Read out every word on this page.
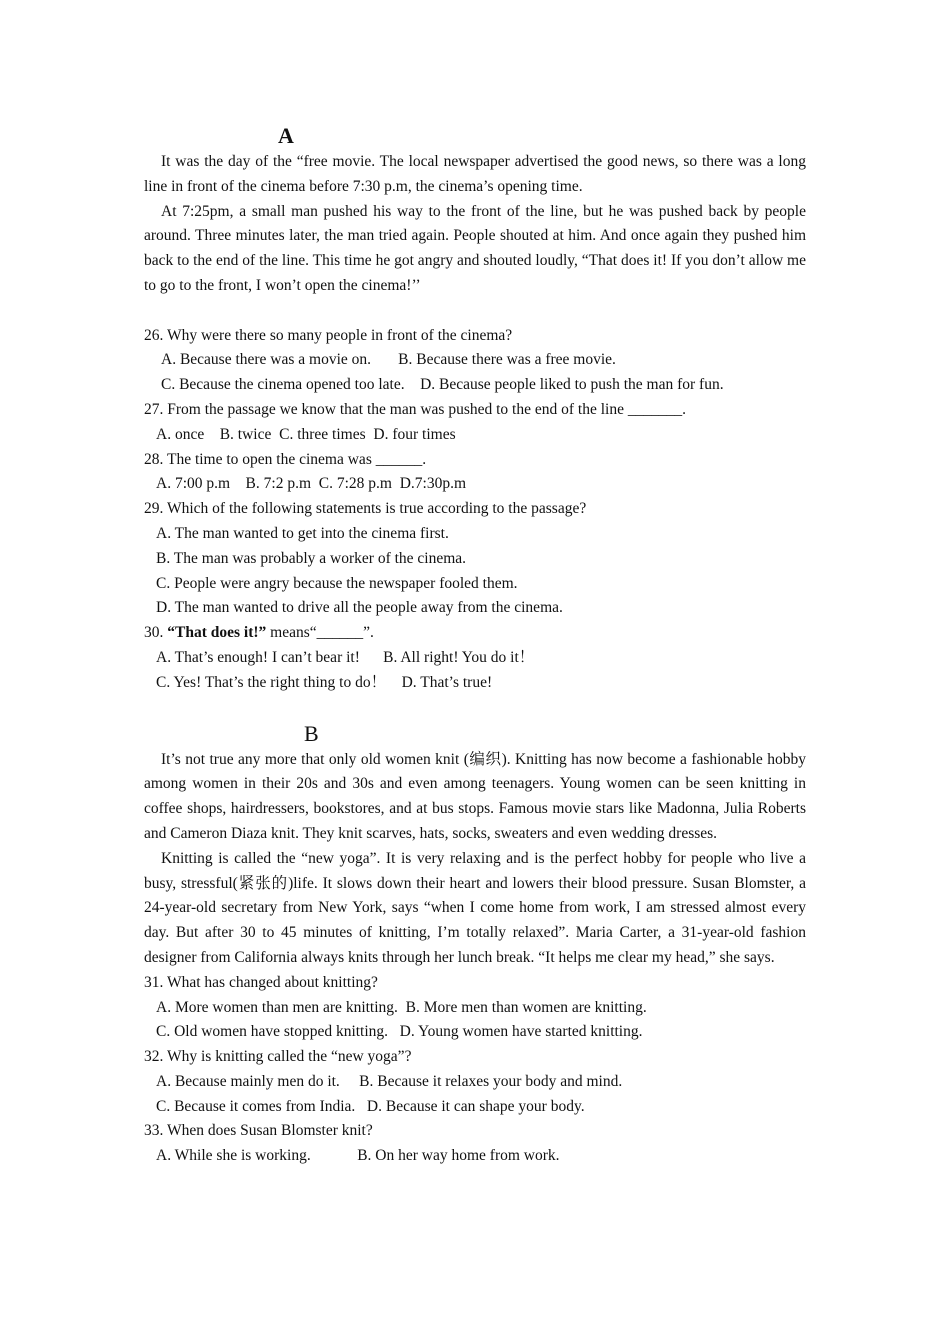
A

It was the day of the “free movie. The local newspaper advertised the good news, so there was a long line in front of the cinema before 7:30 p.m, the cinema’s opening time.

At 7:25pm, a small man pushed his way to the front of the line, but he was pushed back by people around. Three minutes later, the man tried again. People shouted at him. And once again they pushed him back to the end of the line. This time he got angry and shouted loudly, “That does it! If you don’t allow me to go to the front, I won’t open the cinema!’’

26. Why were there so many people in front of the cinema?

A. Because there was a movie on.       B. Because there was a free movie.

C. Because the cinema opened too late.    D. Because people liked to push the man for fun.

27. From the passage we know that the man was pushed to the end of the line _______.

A. once    B. twice  C. three times  D. four times

28. The time to open the cinema was ______.

A. 7:00 p.m    B. 7:2 p.m  C. 7:28 p.m  D.7:30p.m

29. Which of the following statements is true according to the passage?

A. The man wanted to get into the cinema first.

B. The man was probably a worker of the cinema.

C. People were angry because the newspaper fooled them.

D. The man wanted to drive all the people away from the cinema.

30. “That does it!” means“______”.

A. That’s enough! I can’t bear it!      B. All right! You do it！

C. Yes! That’s the right thing to do！    D. That’s true!

B

It’s not true any more that only old women knit (编织). Knitting has now become a fashionable hobby among women in their 20s and 30s and even among teenagers. Young women can be seen knitting in coffee shops, hairdressers, bookstores, and at bus stops. Famous movie stars like Madonna, Julia Roberts and Cameron Diaza knit. They knit scarves, hats, socks, sweaters and even wedding dresses.

Knitting is called the “new yoga”. It is very relaxing and is the perfect hobby for people who live a busy, stressful(紧张的)life. It slows down their heart and lowers their blood pressure. Susan Blomster, a 24-year-old secretary from New York, says “when I come home from work, I am stressed almost every day. But after 30 to 45 minutes of knitting, I’m totally relaxed”. Maria Carter, a 31-year-old fashion designer from California always knits through her lunch break. “It helps me clear my head,” she says.

31. What has changed about knitting?

A. More women than men are knitting.  B. More men than women are knitting.

C. Old women have stopped knitting.   D. Young women have started knitting.

32. Why is knitting called the “new yoga”?

A. Because mainly men do it.     B. Because it relaxes your body and mind.

C. Because it comes from India.   D. Because it can shape your body.

33. When does Susan Blomster knit?

A. While she is working.            B. On her way home from work.
